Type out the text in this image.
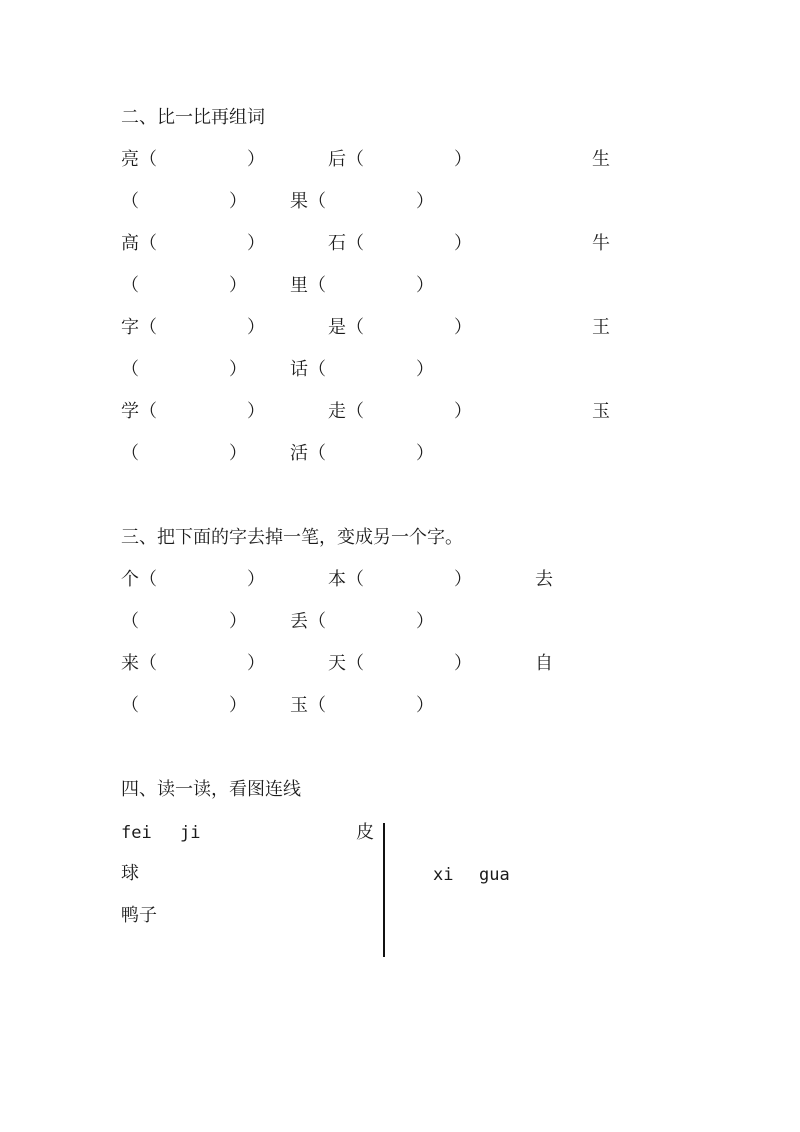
二、比一比再组词
亮（　　　　　）	后（　　　　　）	生
（　　　　　） 果（　　　　　）
高（　　　　　）	石（　　　　　）	牛
（　　　　　） 里（　　　　　）
字（　　　　　）	是（　　　　　）	王
（　　　　　） 话（　　　　　）
学（　　　　　）	走（　　　　　）	玉
（　　　　　） 活（　　　　　）
三、把下面的字去掉一笔，变成另一个字。
个（　　　　　）	本（　　　　　）	去
（　　　　　） 丢（　　　　　）
来（　　　　　）	天（　　　　　）	自
（　　　　　） 玉（　　　　　）
四、读一读，看图连线
fei ji	皮
球	xi gua
鸭子
